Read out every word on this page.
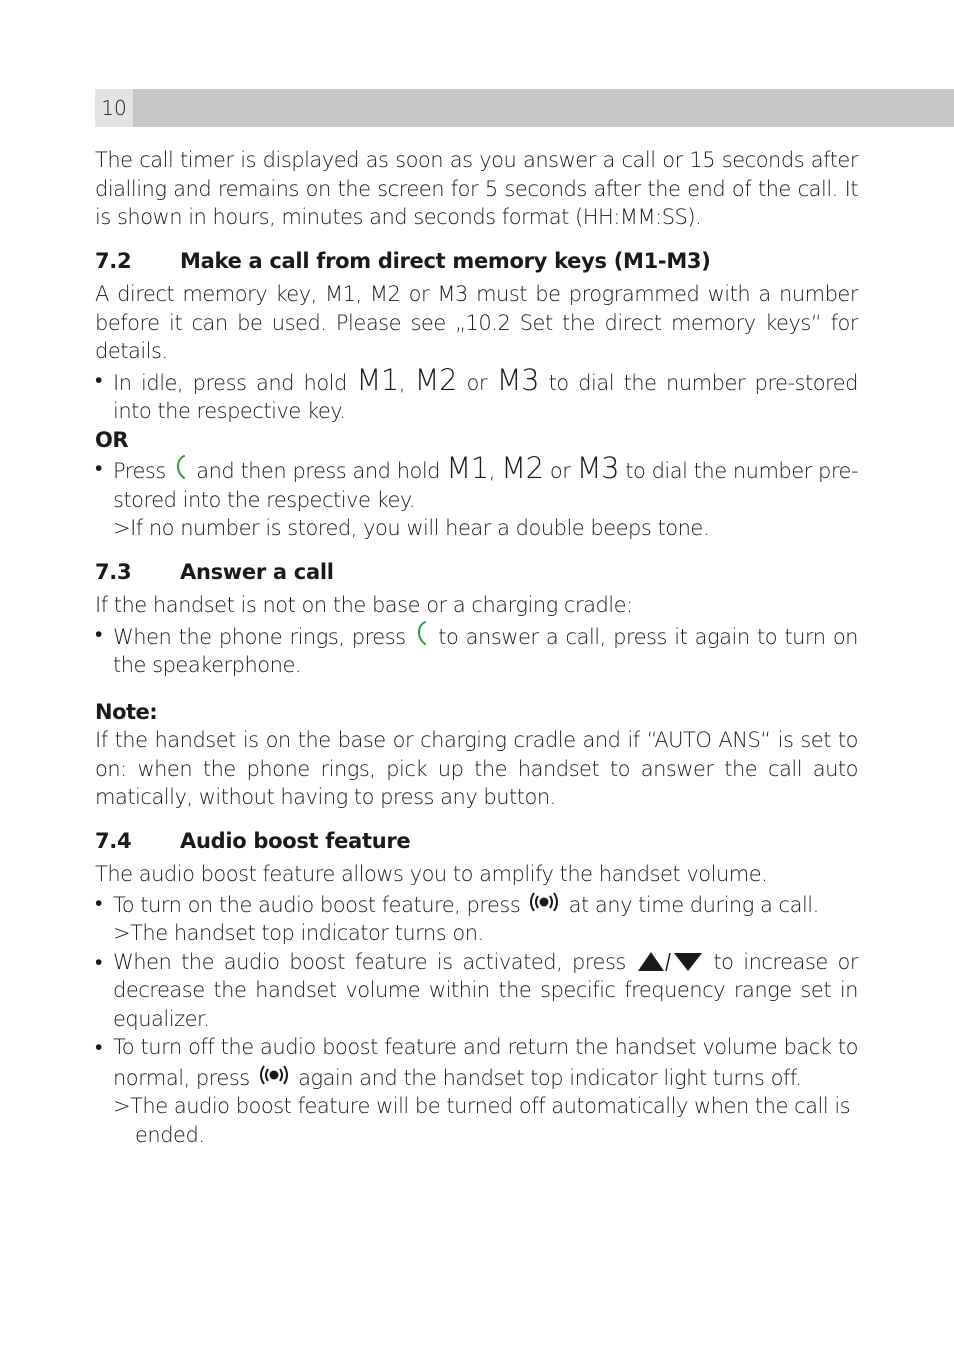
10

The call timer is displayed as soon as you answer a call or 15 seconds after dialling and remains on the screen for 5 seconds after the end of the call. It is shown in hours, minutes and seconds format (HH:MM:SS).

7.2	Make a call from direct memory keys (M1-M3)

A direct memory key, M1, M2 or M3 must be programmed with a number before it can be used. Please see „10.2 Set the direct memory keys“ for details.

• In idle, press and hold M1, M2 or M3 to dial the number pre-stored into the respective key.
OR
• Press  and then press and hold M1, M2 or M3 to dial the number pre-stored into the respective key.
>If no number is stored, you will hear a double beeps tone.
7.3	Answer a call

If the handset is not on the base or a charging cradle:

• When the phone rings, press  to answer a call, press it again to turn on the speakerphone.
Note:

If the handset is on the base or charging cradle and if “AUTO ANS“ is set to on: when the phone rings, pick up the handset to answer the call auto matically, without having to press any button.

7.4	Audio boost feature

The audio boost feature allows you to amplify the handset volume.

• To turn on the audio boost feature, press  at any time during a call.
>The handset top indicator turns on.
• When the audio boost feature is activated, press	to increase or decrease the handset volume within the specific frequency range set in equalizer.
• To turn off the audio boost feature and return the handset volume back to normal, press  again and the handset top indicator light turns off.
>The audio boost feature will be turned off automatically when the call is ended.
